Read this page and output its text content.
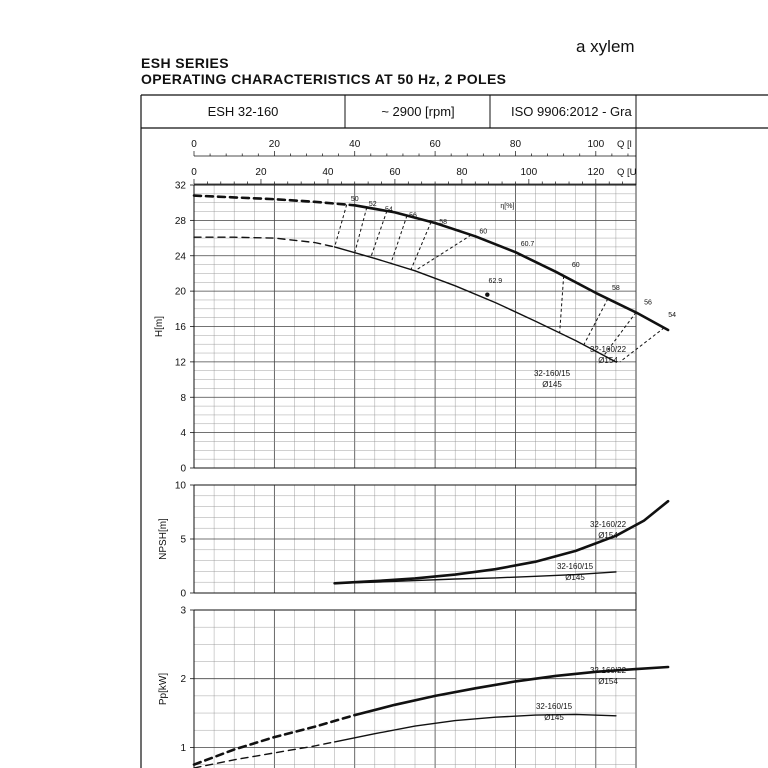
ESH SERIES
OPERATING CHARACTERISTICS AT 50 Hz, 2 POLES
a xylem
ESH 32-160	~ 2900 [rpm]	ISO 9906:2012 - Gra
0	20	40	60	80	100 Q [l
0	20	40	60	80	100	120 Q [U
0
4
8
12
16
20
24
28
32
H[m]
50
52
54
56
58
60
60.7
62.9
60
58
56
54
η[%]
32-160/22
Ø154
32-160/15
Ø145
0
5
10
NPSH[m]	32-160/22
Ø154
32-160/15
Ø145
1
2
3
Pp[kW]
32-160/22
Ø154
32-160/15
Ø145
